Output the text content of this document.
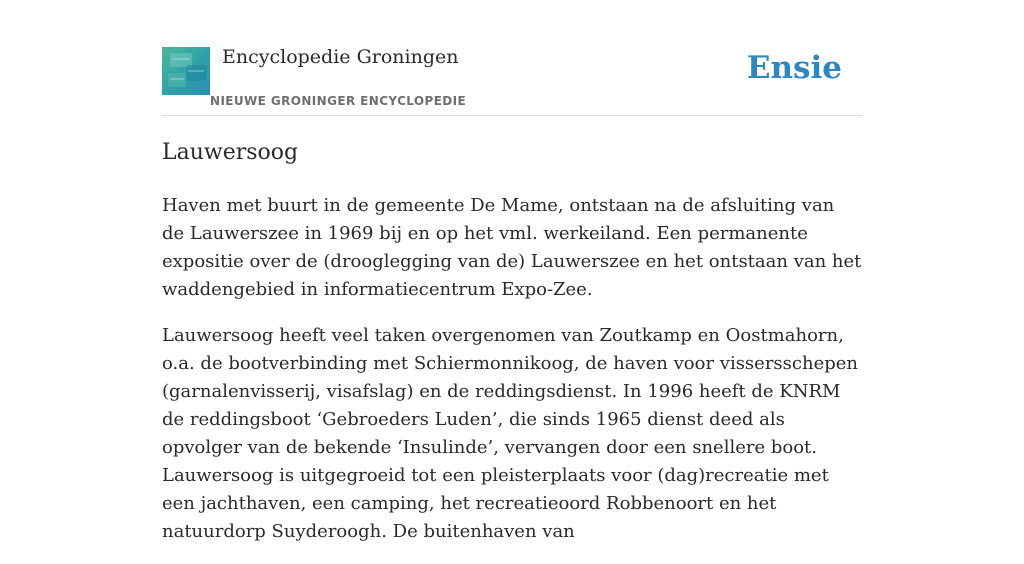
Encyclopedie Groningen
NIEUWE GRONINGER ENCYCLOPEDIE
Ensie
Lauwersoog

Haven met buurt in de gemeente De Mame, ontstaan na de afsluiting van de Lauwerszee in 1969 bij en op het vml. werkeiland. Een permanente expositie over de (drooglegging van de) Lauwerszee en het ontstaan van het waddengebied in informatiecentrum Expo-Zee.

Lauwersoog heeft veel taken overgenomen van Zoutkamp en Oostmahorn, o.a. de bootverbinding met Schiermonnikoog, de haven voor vissersschepen (garnalenvisserij, visafslag) en de reddingsdienst. In 1996 heeft de KNRM de reddingsboot ‘Gebroeders Luden’, die sinds 1965 dienst deed als opvolger van de bekende ‘Insulinde’, vervangen door een snellere boot. Lauwersoog is uitgegroeid tot een pleisterplaats voor (dag)recreatie met een jachthaven, een camping, het recreatieoord Robbenoort en het natuurdorp Suyderoogh. De buitenhaven van
